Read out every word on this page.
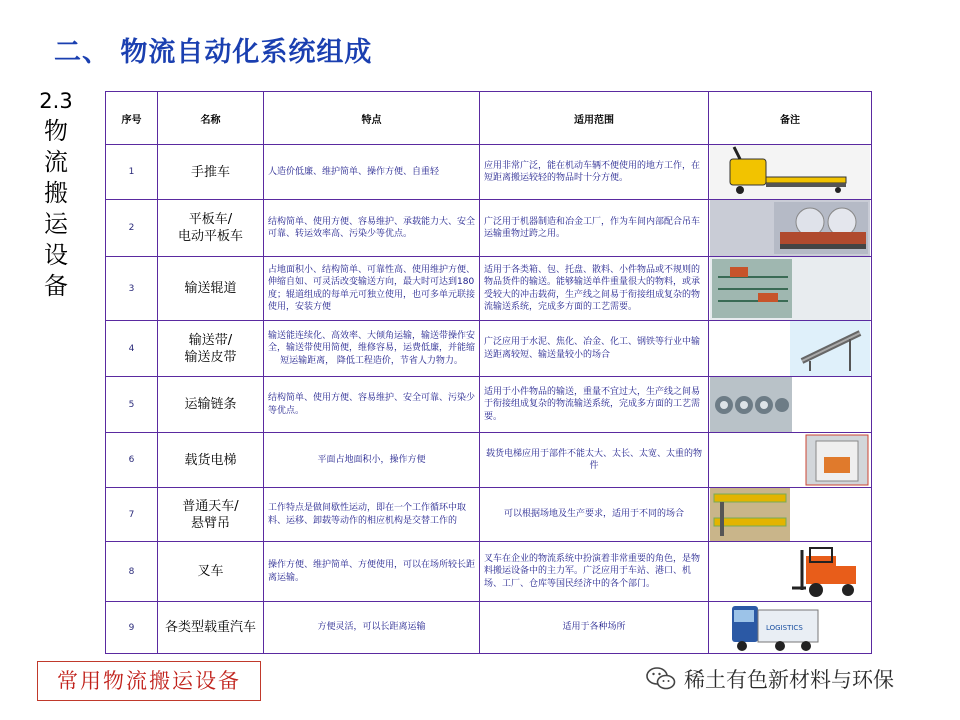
二、 物流自动化系统组成
2.3
物
流
搬
运
设
备
序号	名称	特点	适用范围	备注
1	手推车	人造价低廉、维护简单、操作方便、自重轻	应用非常广泛，能在机动车辆不便使用的地方工作，在短距离搬运较轻的物品时十分方便。	

2	平板车/
电动平板车	结构简单、使用方便、容易维护、承载能力大、安全可靠、转运效率高、污染少等优点。	广泛用于机器制造和冶金工厂，作为车间内部配合吊车运输重物过跨之用。	

3	输送辊道	占地面积小、结构简单、可靠性高、使用维护方便、伸缩自如、可灵活改变输送方向，最大时可达到180度；辊道组成的每单元可独立使用，也可多单元联接使用，安装方便	适用于各类箱、包、托盘、散料、小件物品或不规则的物品货件的输送。能够输送单件重量很大的物料，或承受较大的冲击载荷，生产线之间易于衔接组成复杂的物流输送系统，完成多方面的工艺需要。	

4	输送带/
输送皮带	输送能连续化、高效率、大倾角运输，输送带操作安全，输送带使用简便，维修容易，运费低廉，并能缩短运输距离， 降低工程造价，节省人力物力。	广泛应用于水泥、焦化、冶金、化工、钢铁等行业中输送距离较短、输送量较小的场合	

5	运输链条	结构简单、使用方便、容易维护、安全可靠、污染少等优点。	适用于小件物品的输送，重量不宜过大，生产线之间易于衔接组成复杂的物流输送系统，完成多方面的工艺需要。	

6	载货电梯	平面占地面积小，操作方便	载货电梯应用于部件不能太大、太长、太宽、太重的物件	

7	普通天车/
悬臂吊	工作特点是做间歇性运动，即在一个工作循环中取料、运移、卸载等动作的相应机构是交替工作的	可以根据场地及生产要求，适用于不同的场合	

8	叉车	操作方便、维护简单、方便使用，可以在场所较长距离运输。	叉车在企业的物流系统中扮演着非常重要的角色，是物料搬运设备中的主力军。广泛应用于车站、港口、机场、工厂、仓库等国民经济中的各个部门。	

9	各类型载重汽车	方便灵活，可以长距离运输	适用于各种场所	LOGISTICS
常用物流搬运设备	稀土有色新材料与环保
